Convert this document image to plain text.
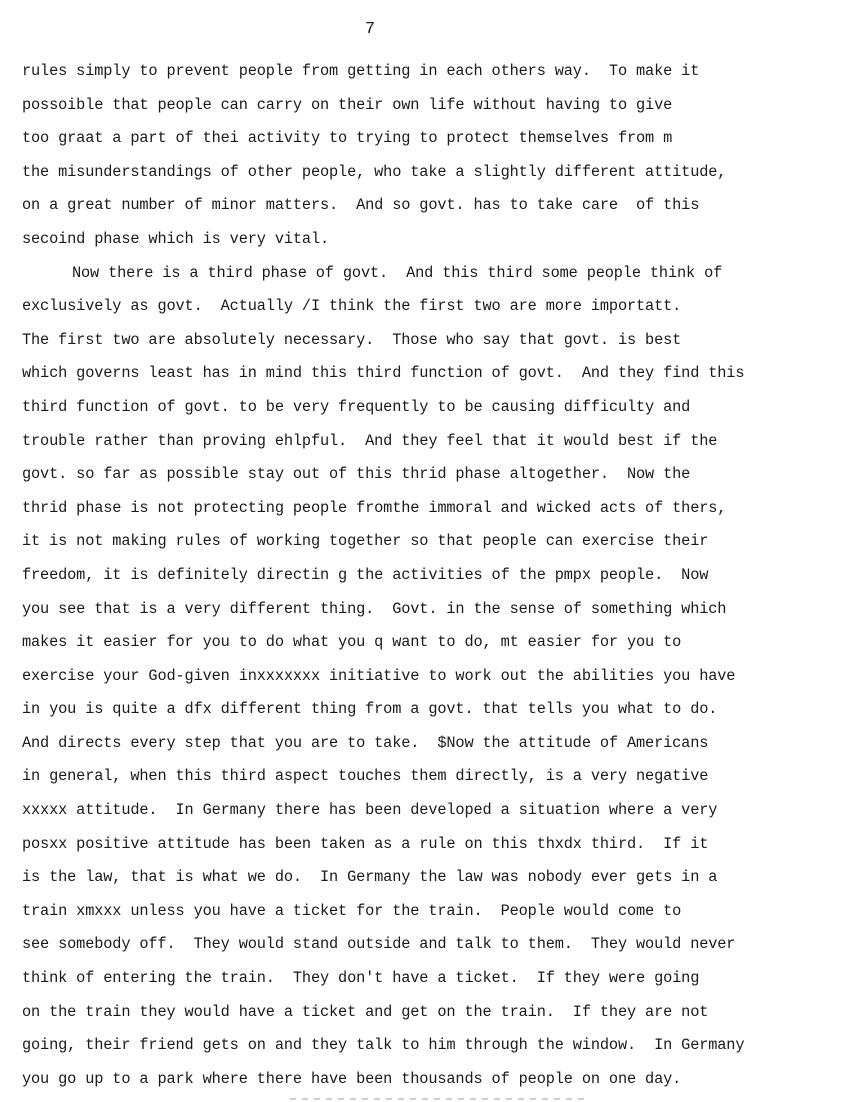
7
rules simply to prevent people from getting in each others way.  To make it
possoible that people can carry on their own life without having to give
too graat a part of thei activity to trying to protect themselves from m
the misunderstandings of other people, who take a slightly different attitude,
on a great number of minor matters.  And so govt. has to take care  of this
secoind phase which is very vital.
Now there is a third phase of govt.  And this third some people think of
exclusively as govt.  Actually /I think the first two are more importatt.
The first two are absolutely necessary.  Those who say that govt. is best
which governs least has in mind this third function of govt.  And they find this
third function of govt. to be very frequently to be causing difficulty and
trouble rather than proving ehlpful.  And they feel that it would best if the
govt. so far as possible stay out of this thrid phase altogether.  Now the
thrid phase is not protecting people fromthe immoral and wicked acts of thers,
it is not making rules of working together so that people can exercise their
freedom, it is definitely directin g the activities of the pmpx people.  Now
you see that is a very different thing.  Govt. in the sense of something which
makes it easier for you to do what you q want to do, mt easier for you to
exercise your God-given inxxxxxxx initiative to work out the abilities you have
in you is quite a dfx different thing from a govt. that tells you what to do.
And directs every step that you are to take.  $Now the attitude of Americans
in general, when this third aspect touches them directly, is a very negative
xxxxx attitude.  In Germany there has been developed a situation where a very
posxx positive attitude has been taken as a rule on this thxdx third.  If it
is the law, that is what we do.  In Germany the law was nobody ever gets in a
train xmxxx unless you have a ticket for the train.  People would come to
see somebody off.  They would stand outside and talk to them.  They would never
think of entering the train.  They don't have a ticket.  If they were going
on the train they would have a ticket and get on the train.  If they are not
going, their friend gets on and they talk to him through the window.  In Germany
you go up to a park where there have been thousands of people on one day.
